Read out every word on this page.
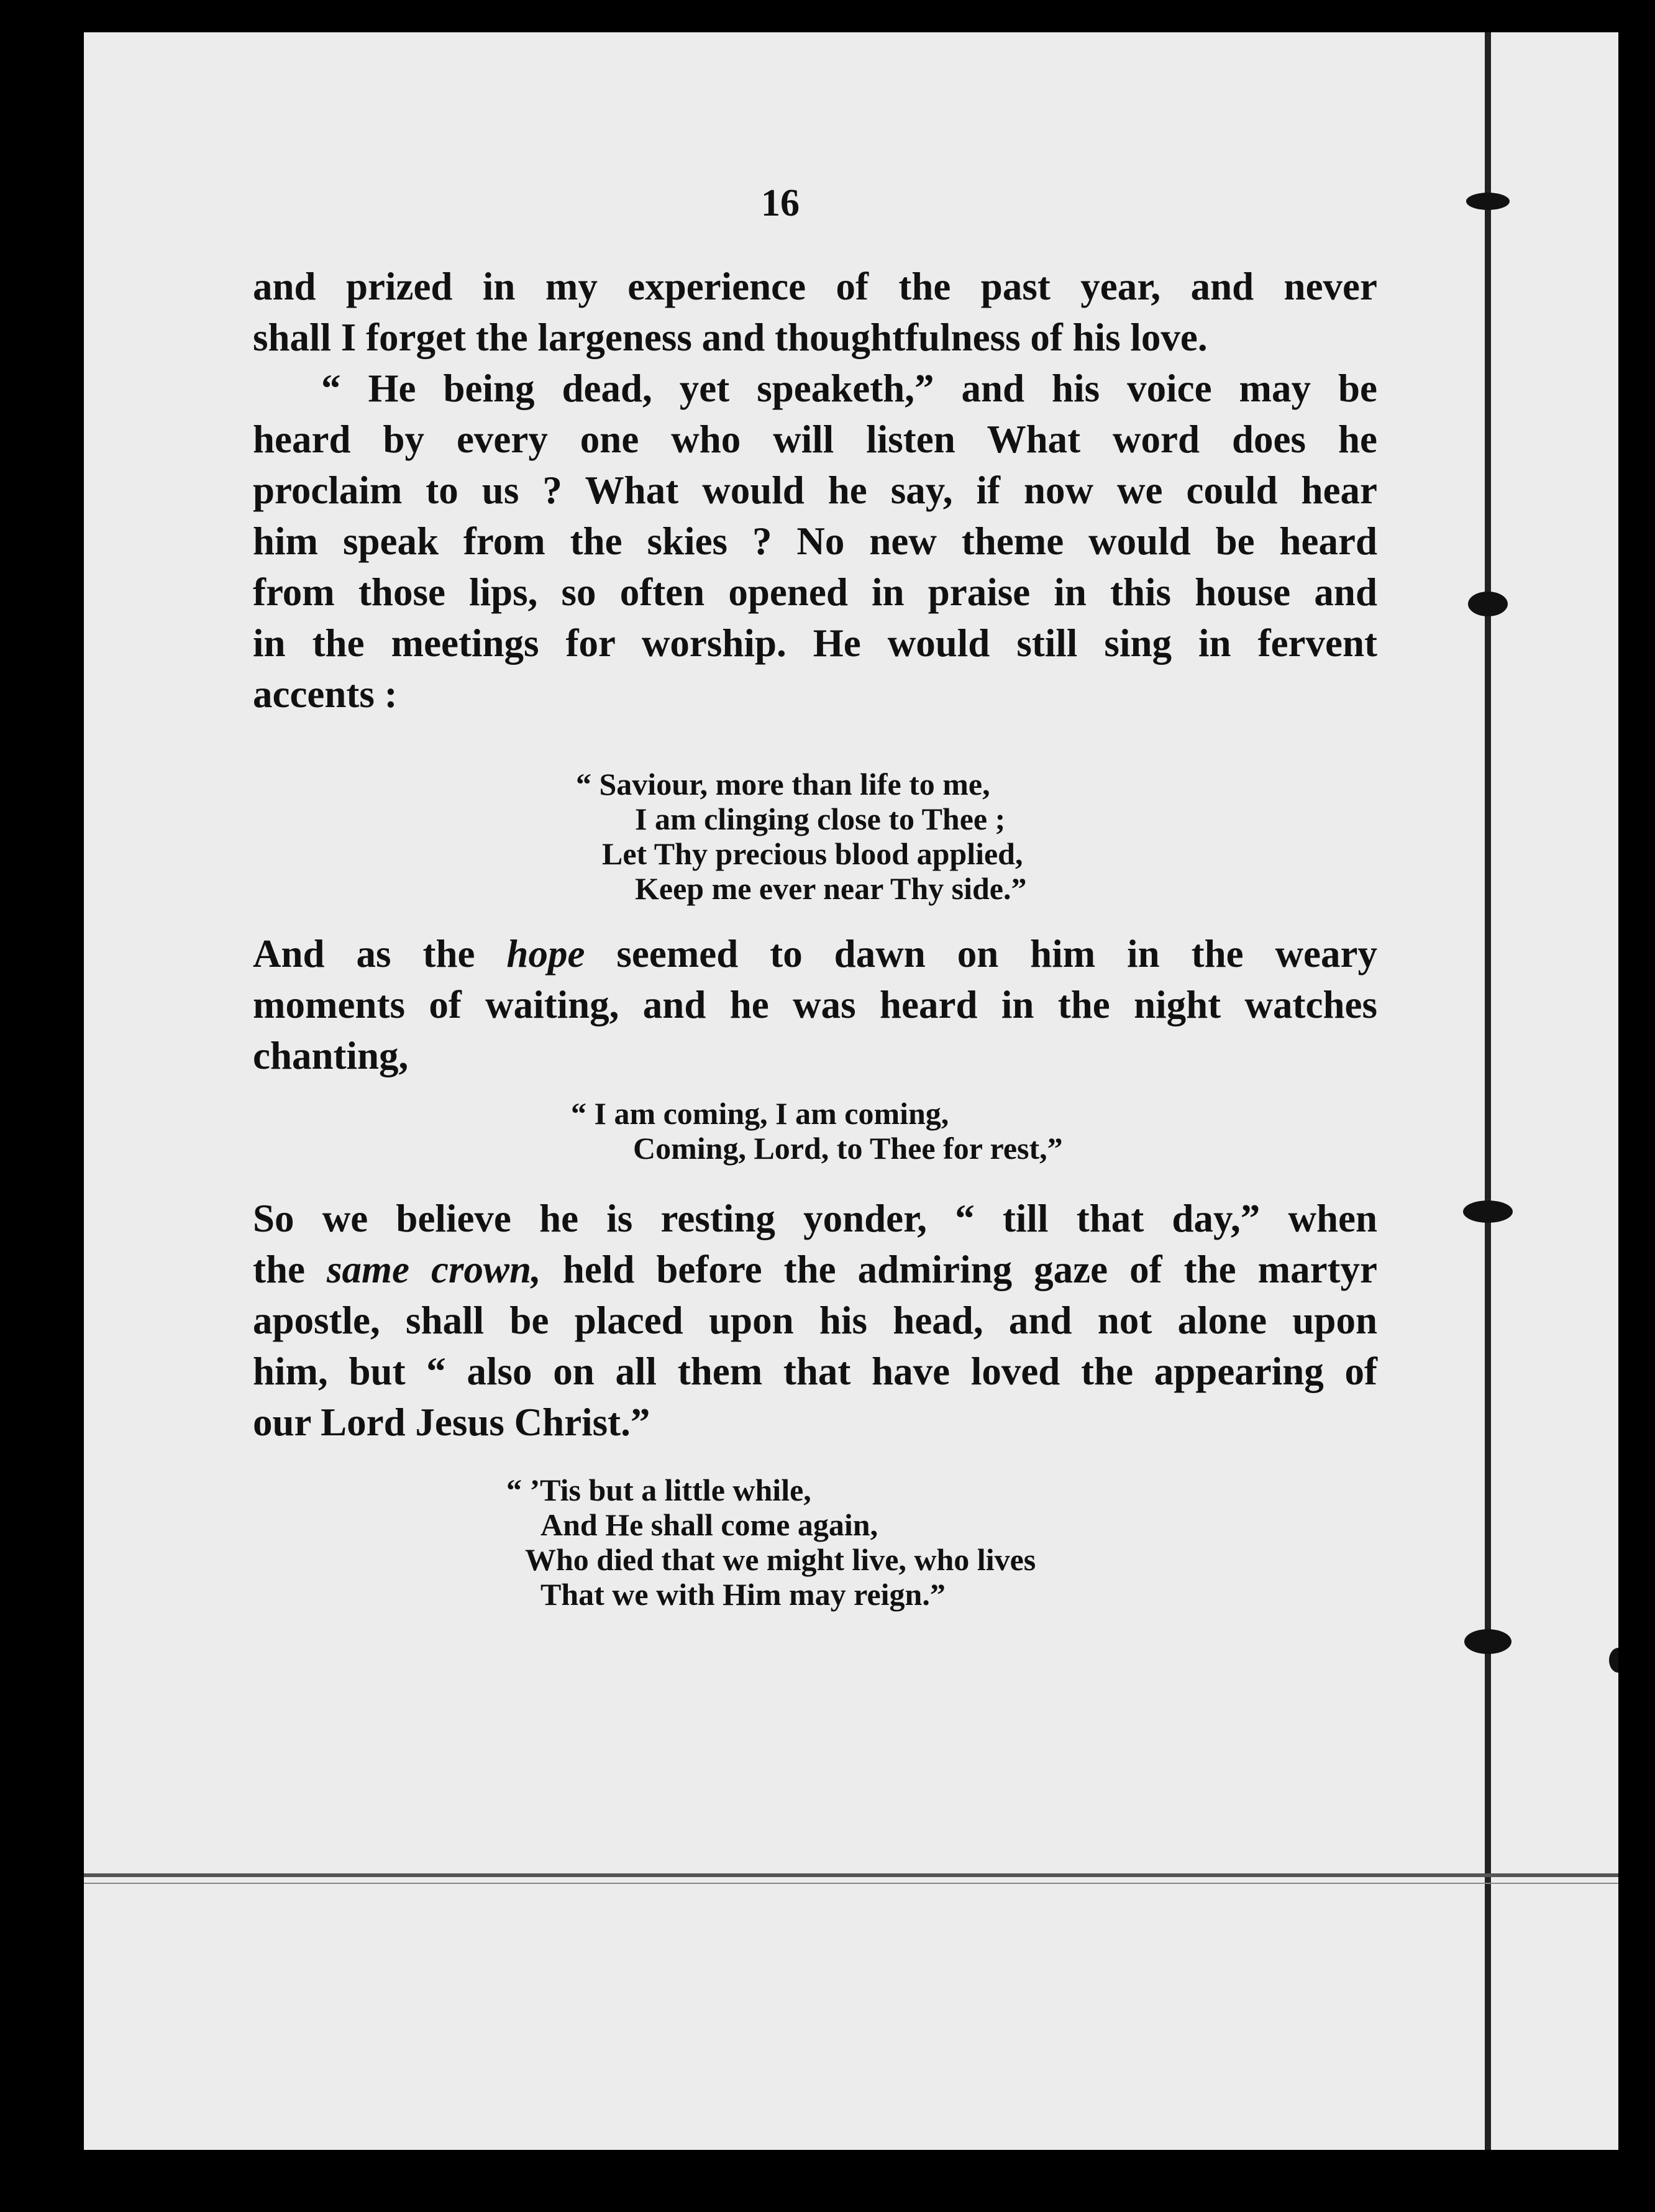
16
and prized in my experience of the past year, and never
shall I forget the largeness and thoughtfulness of his love.
“ He being dead, yet speaketh,” and his voice may be
heard by every one who will listen What word does he
proclaim to us ? What would he say, if now we could hear
him speak from the skies ? No new theme would be heard
from those lips, so often opened in praise in this house and
in the meetings for worship. He would still sing in fervent
accents :
“ Saviour, more than life to me,
I am clinging close to Thee ;
Let Thy precious blood applied,
Keep me ever near Thy side.”
And as the hope seemed to dawn on him in the weary
moments of waiting, and he was heard in the night watches
chanting,
“ I am coming, I am coming,
Coming, Lord, to Thee for rest,”
So we believe he is resting yonder, “ till that day,” when
the same crown, held before the admiring gaze of the martyr
apostle, shall be placed upon his head, and not alone upon
him, but “ also on all them that have loved the appearing of
our Lord Jesus Christ.”
“ ’Tis but a little while,
And He shall come again,
Who died that we might live, who lives
That we with Him may reign.”
